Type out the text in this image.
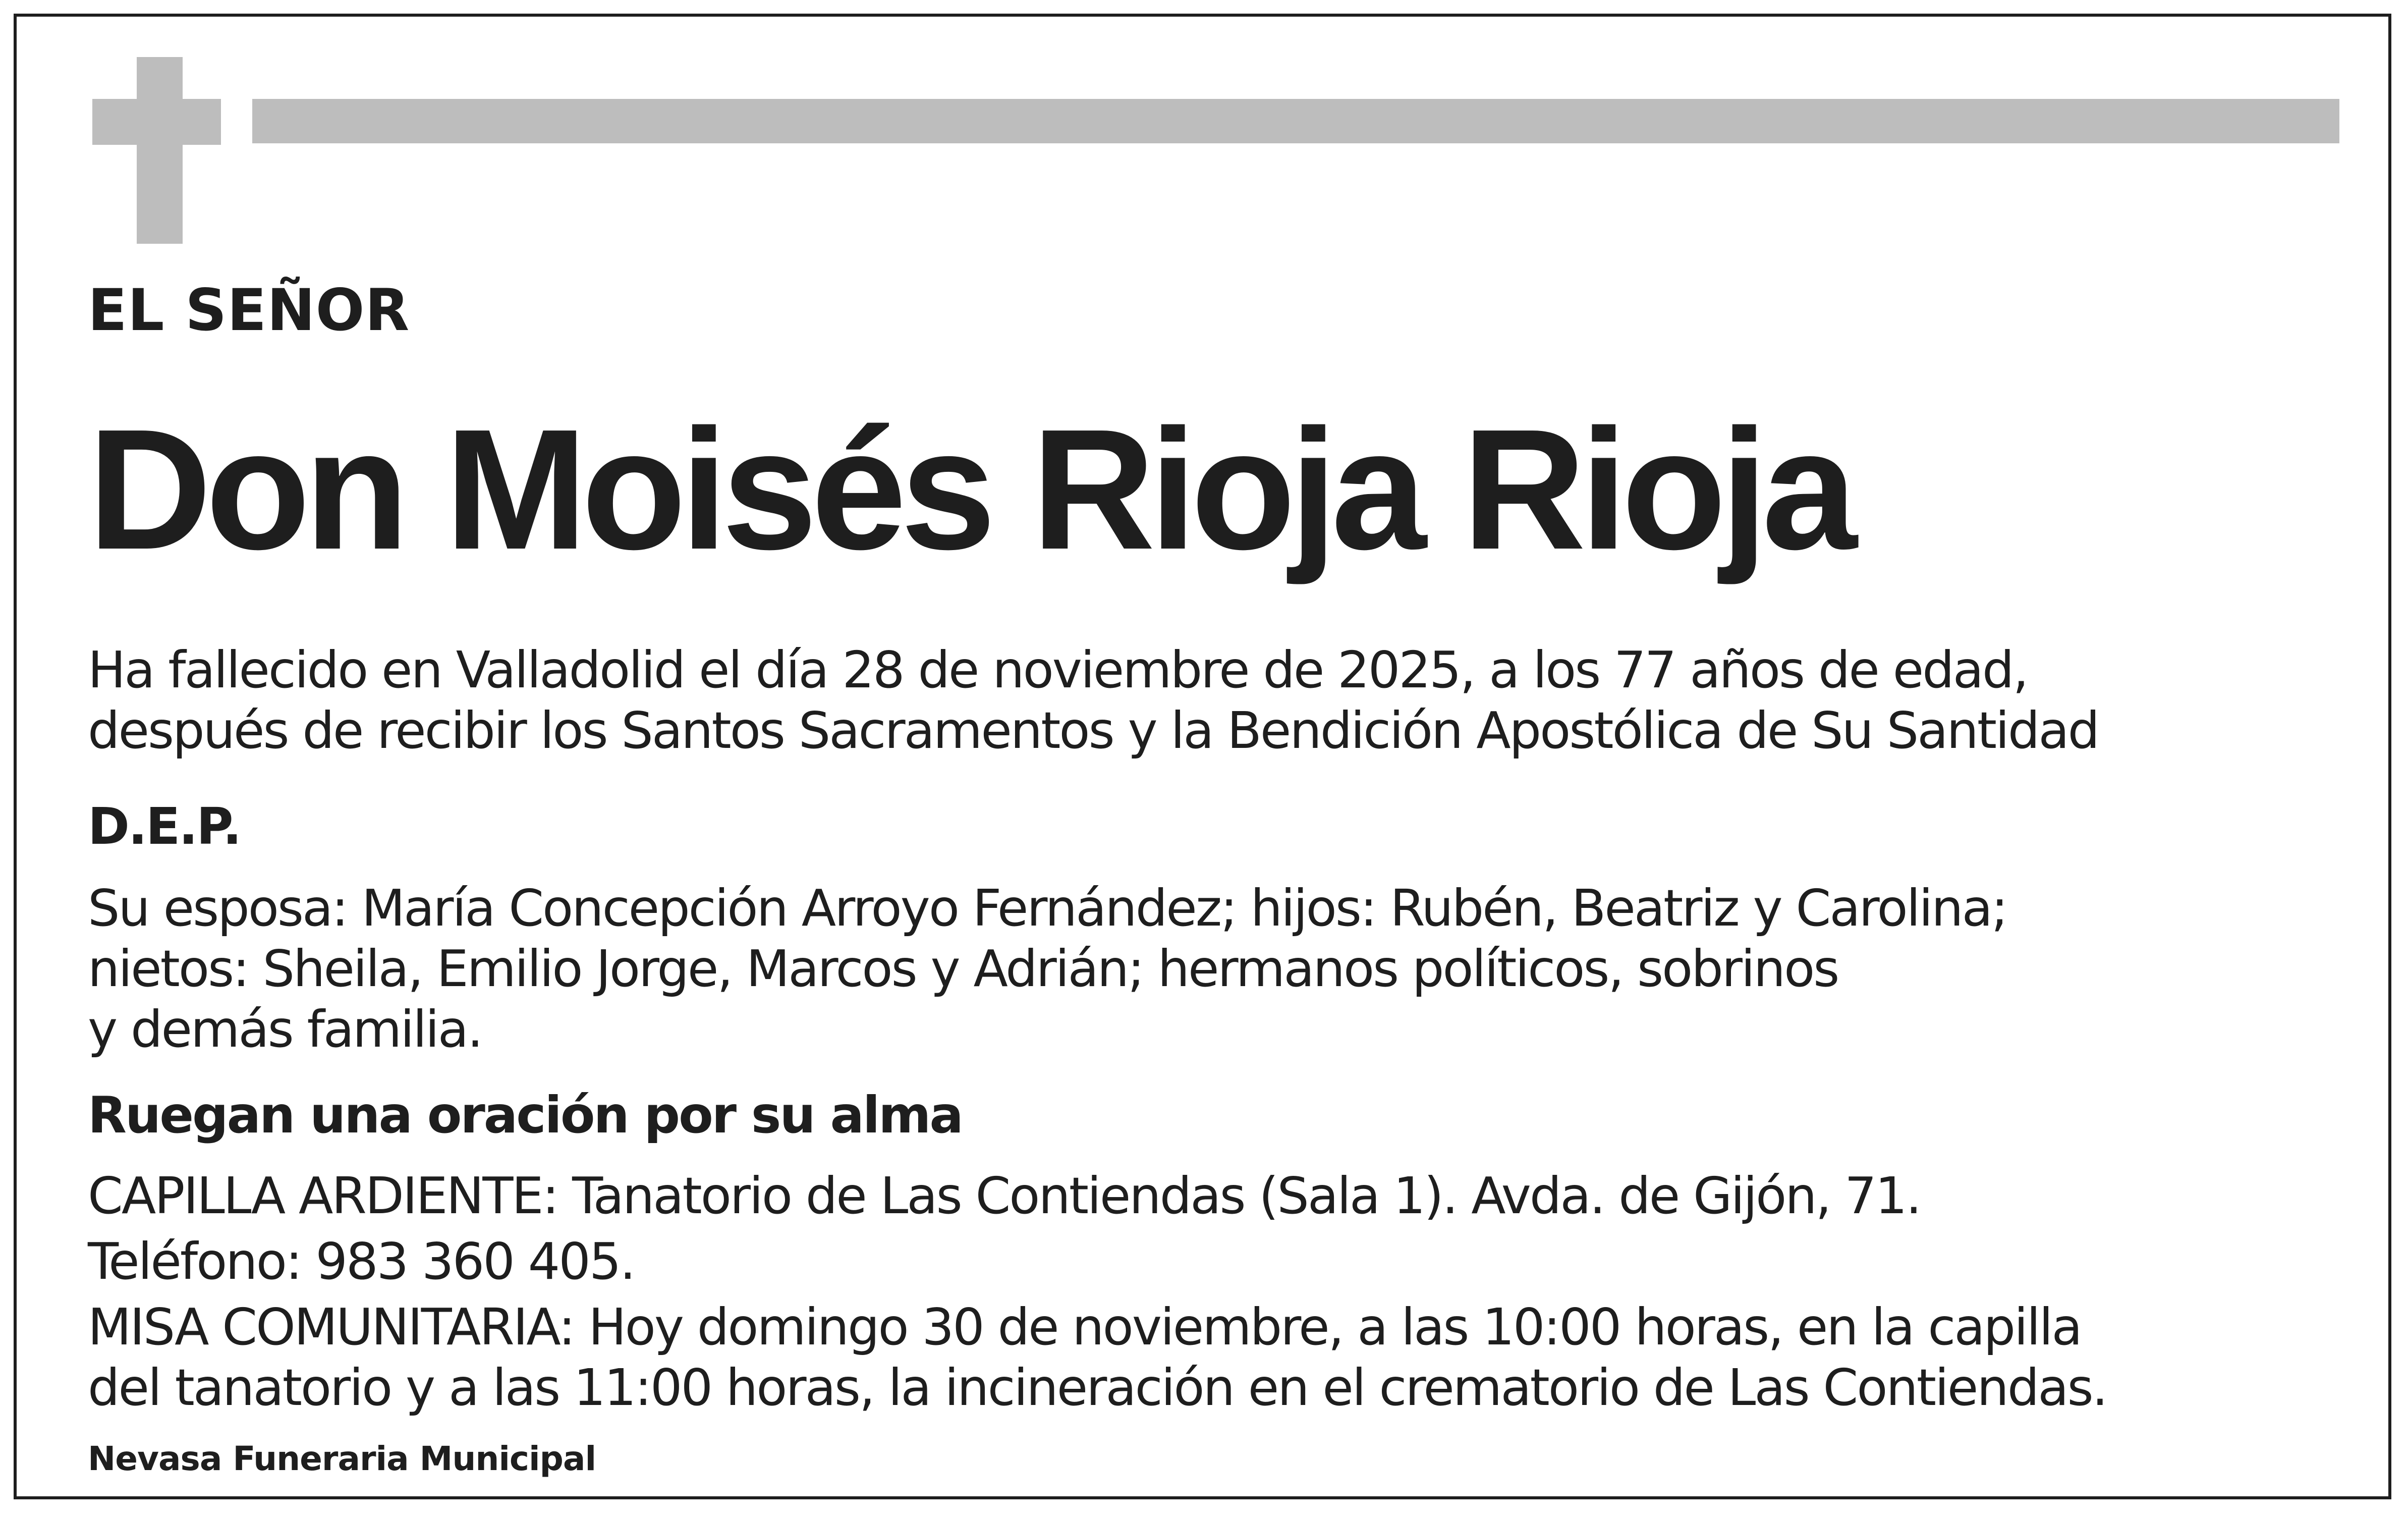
EL SEÑOR
Don Moisés Rioja Rioja
Ha fallecido en Valladolid el día 28 de noviembre de 2025, a los 77 años de edad,
después de recibir los Santos Sacramentos y la Bendición Apostólica de Su Santidad
D.E.P.
Su esposa: María Concepción Arroyo Fernández; hijos: Rubén, Beatriz y Carolina;
nietos: Sheila, Emilio Jorge, Marcos y Adrián; hermanos políticos, sobrinos
y demás familia.
Ruegan una oración por su alma
CAPILLA ARDIENTE: Tanatorio de Las Contiendas (Sala 1). Avda. de Gijón, 71.
Teléfono: 983 360 405.
MISA COMUNITARIA: Hoy domingo 30 de noviembre, a las 10:00 horas, en la capilla
del tanatorio y a las 11:00 horas, la incineración en el crematorio de Las Contiendas.
Nevasa Funeraria Municipal
